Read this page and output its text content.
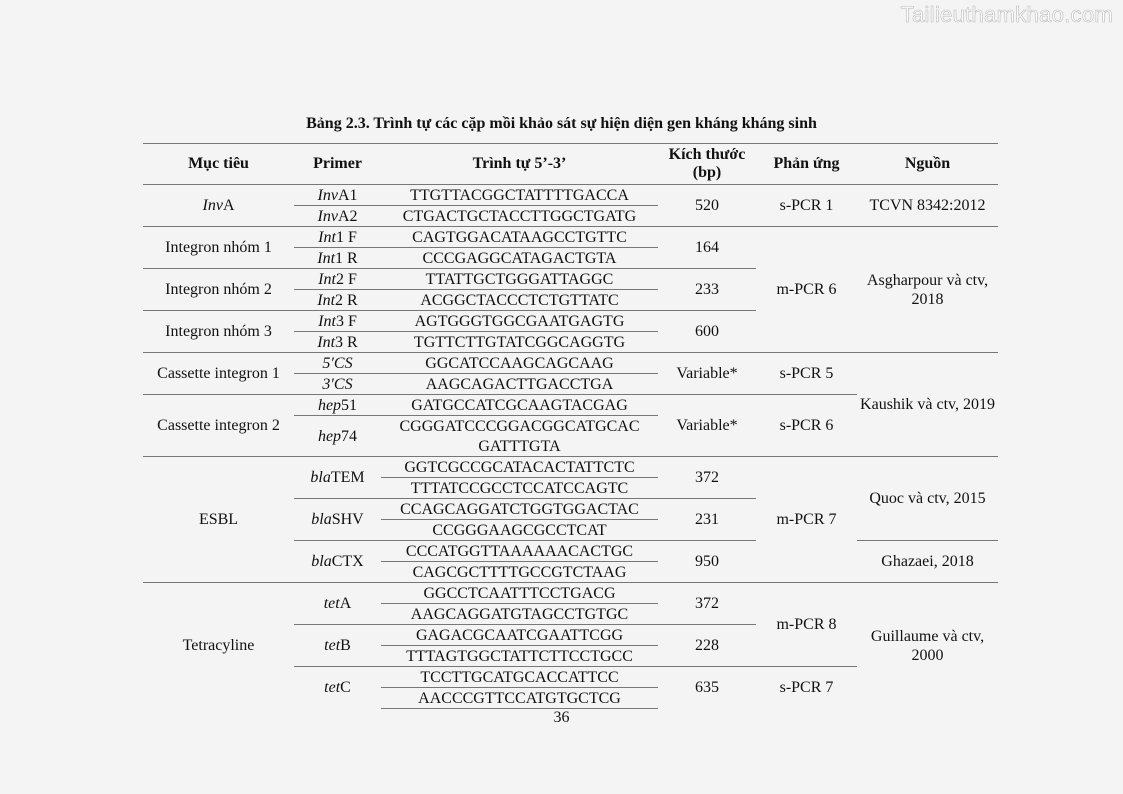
Tailieuthamkhao.com
Bảng 2.3. Trình tự các cặp mồi khảo sát sự hiện diện gen kháng kháng sinh
Mục tiêu	Primer	Trình tự 5’-3’	Kích thước (bp)	Phản ứng	Nguồn
InvA	InvA1	TTGTTACGGCTATTTTGACCA	520	s-PCR 1	TCVN 8342:2012
	InvA2	CTGACTGCTACCTTGGCTGATG			
Integron nhóm 1	Int1 F	CAGTGGACATAAGCCTGTTC	164	m-PCR 6	Asgharpour và ctv, 2018
	Int1 R	CCCGAGGCATAGACTGTA			
Integron nhóm 2	Int2 F	TTATTGCTGGGATTAGGC	233		
	Int2 R	ACGGCTACCCTCTGTTATC			
Integron nhóm 3	Int3 F	AGTGGGTGGCGAATGAGTG	600		
	Int3 R	TGTTCTTGTATCGGCAGGTG			
Cassette integron 1	5′CS	GGCATCCAAGCAGCAAG	Variable*	s-PCR 5	Kaushik và ctv, 2019
	3′CS	AAGCAGACTTGACCTGA			
Cassette integron 2	hep51	GATGCCATCGCAAGTACGAG	Variable*	s-PCR 6	
	hep74	CGGGATCCCGGACGGCATGCAC			
		GATTTGTA			
ESBL	blaTEM	GGTCGCCGCATACACTATTCTC	372	m-PCR 7	Quoc và ctv, 2015
		TTTATCCGCCTCCATCCAGTC			
	blaSHV	CCAGCAGGATCTGGTGGACTAC	231		
		CCGGGAAGCGCCTCAT			
	blaCTX	CCCATGGTTAAAAAACACTGC	950		Ghazaei, 2018
		CAGCGCTTTTGCCGTCTAAG			
Tetracyline	tetA	GGCCTCAATTTCCTGACG	372	m-PCR 8	Guillaume và ctv, 2000
		AAGCAGGATGTAGCCTGTGC			
	tetB	GAGACGCAATCGAATTCGG	228		
		TTTAGTGGCTATTCTTCCTGCC			
	tetC	TCCTTGCATGCACCATTCC	635	s-PCR 7	
		AACCCGTTCCATGTGCTCG			
36
